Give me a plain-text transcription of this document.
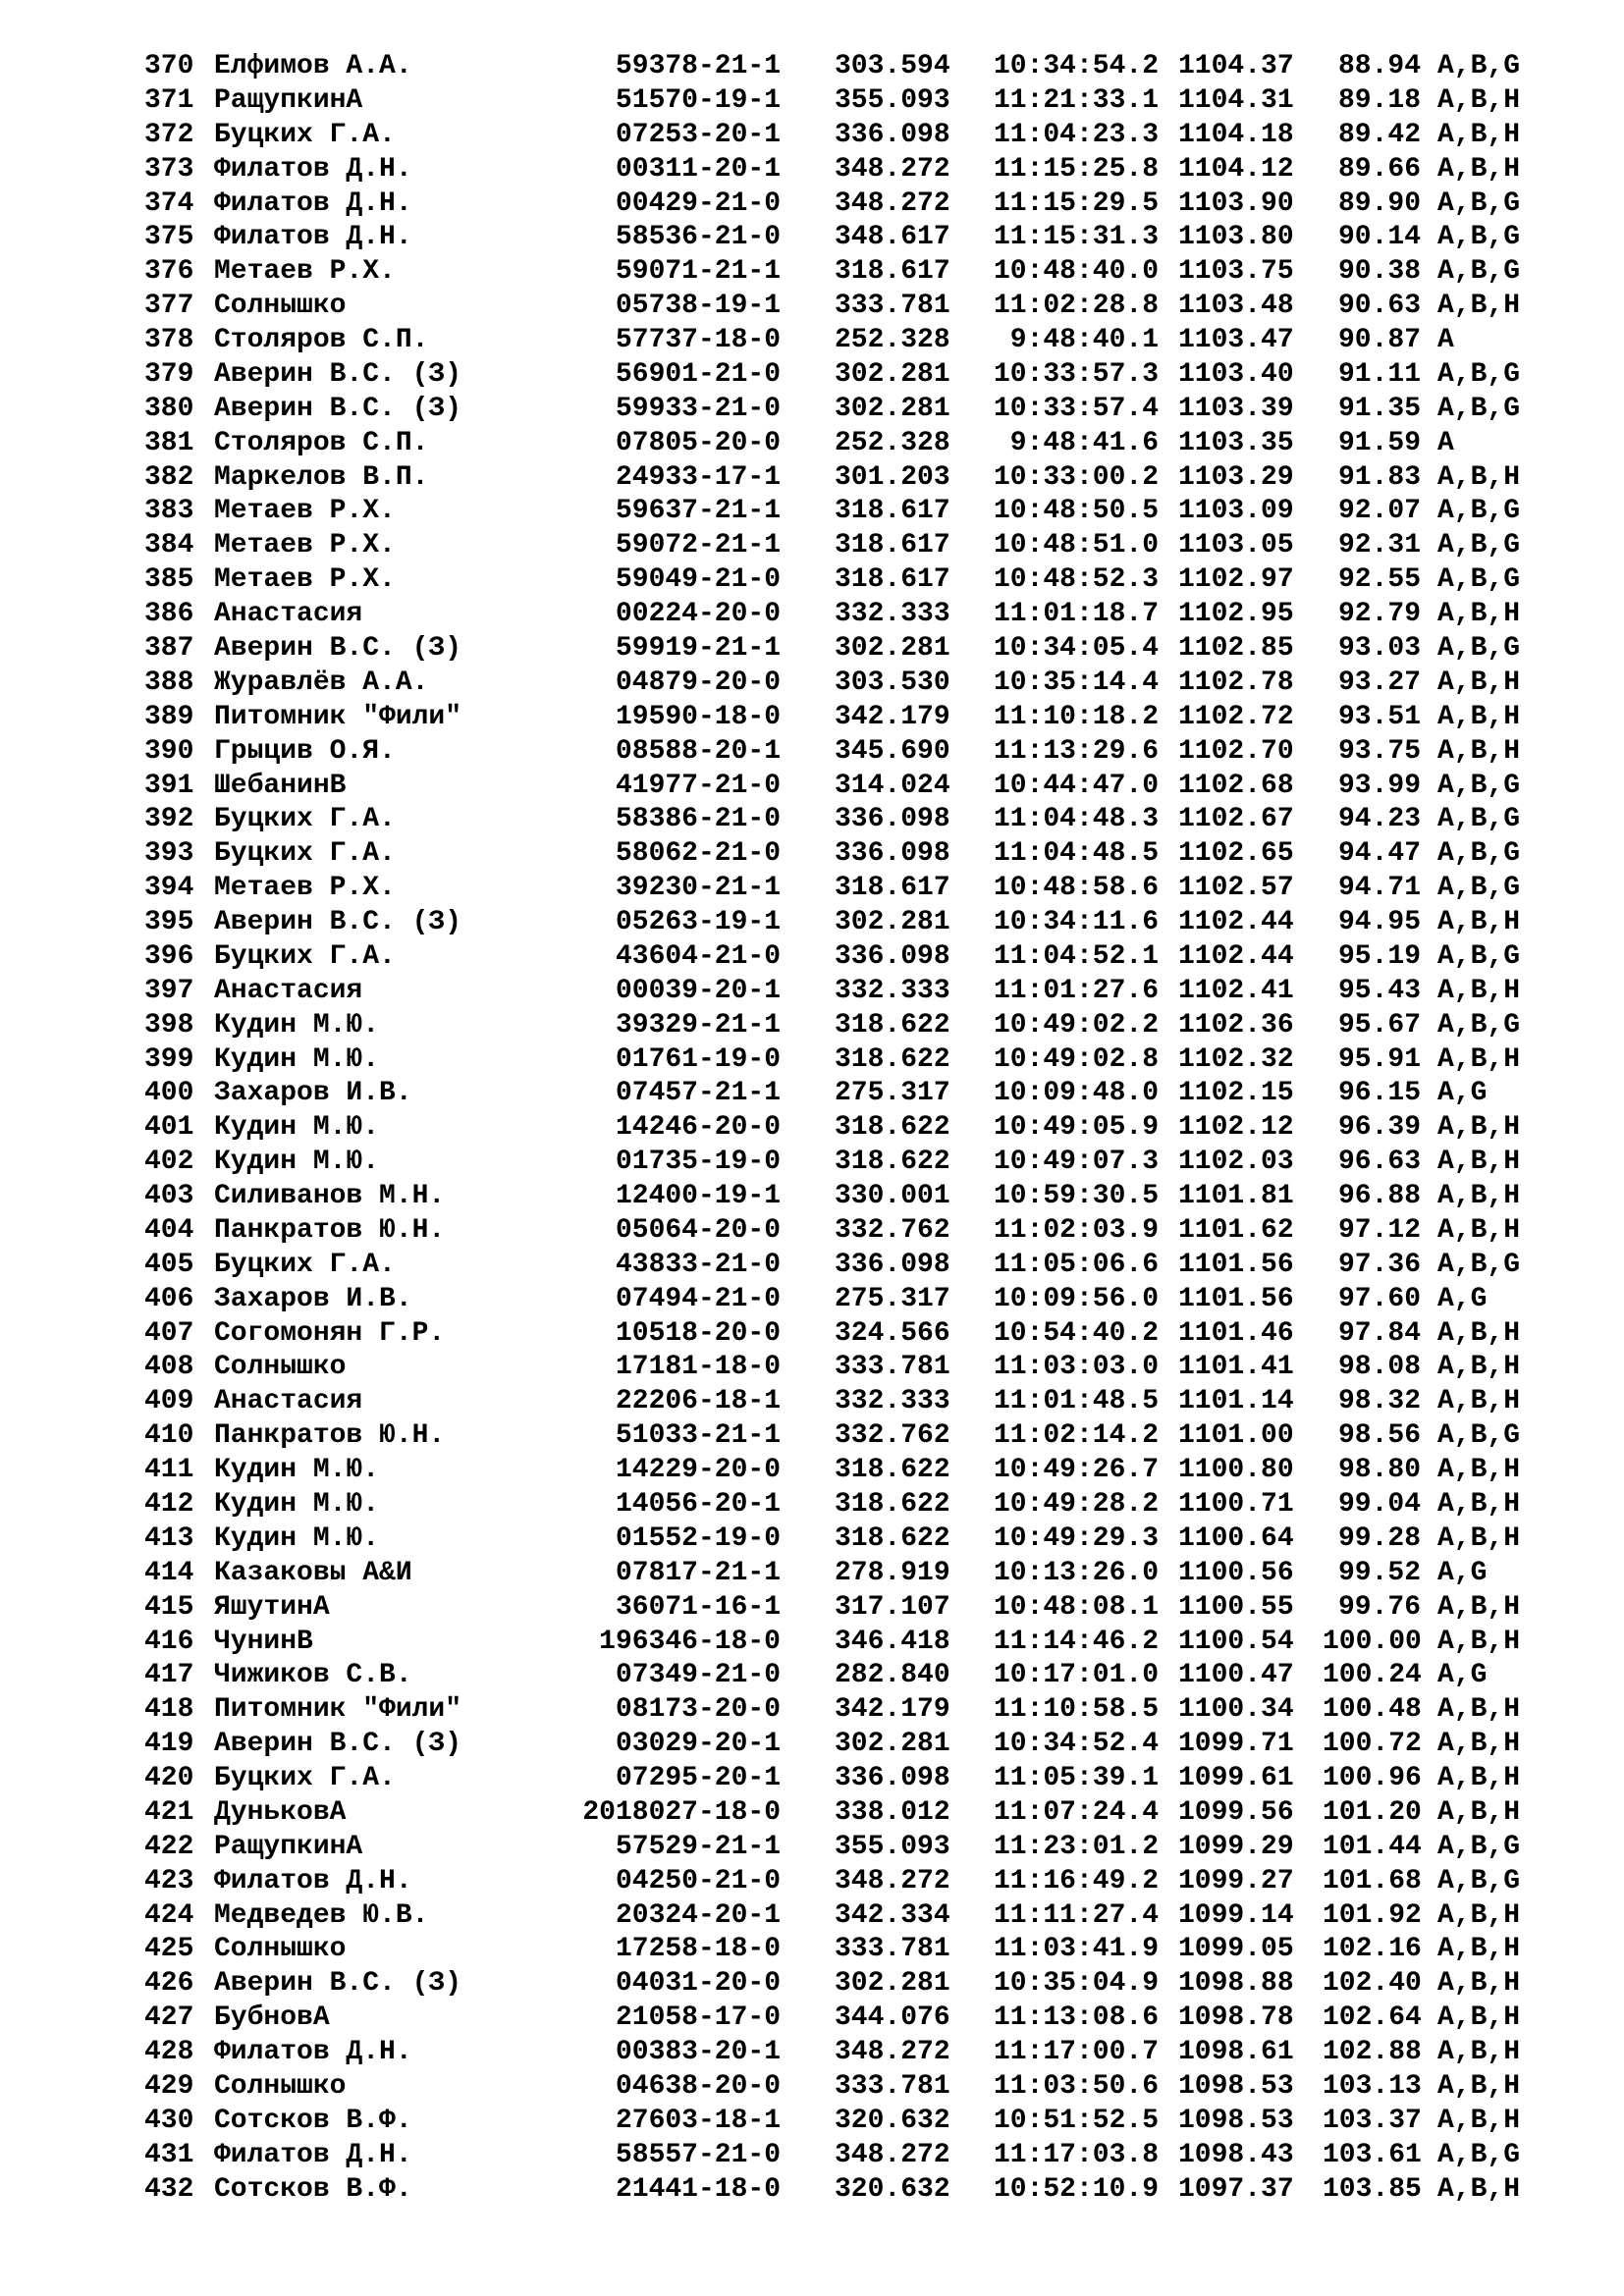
370 Елфимов А.А.	59378-21-1 303.594	10:34:54.2 1104.37	88.94 A,B,G
371 РащупкинА	51570-19-1 355.093	11:21:33.1 1104.31	89.18 A,B,H
372 Буцких Г.А.	07253-20-1 336.098	11:04:23.3 1104.18	89.42 A,B,H
373 Филатов Д.Н.	00311-20-1 348.272	11:15:25.8 1104.12	89.66 A,B,H
374 Филатов Д.Н.	00429-21-0 348.272	11:15:29.5 1103.90	89.90 A,B,G
375 Филатов Д.Н.	58536-21-0 348.617	11:15:31.3 1103.80	90.14 A,B,G
376 Метаев Р.Х.	59071-21-1 318.617	10:48:40.0 1103.75	90.38 A,B,G
377 Солнышко	05738-19-1 333.781	11:02:28.8 1103.48	90.63 A,B,H
378 Столяров С.П.	57737-18-0 252.328	9:48:40.1 1103.47	90.87 A
379 Аверин В.С. (З)	56901-21-0 302.281	10:33:57.3 1103.40	91.11 A,B,G
380 Аверин В.С. (З)	59933-21-0 302.281	10:33:57.4 1103.39	91.35 A,B,G
381 Столяров С.П.	07805-20-0 252.328	9:48:41.6 1103.35	91.59 A
382 Маркелов В.П.	24933-17-1 301.203	10:33:00.2 1103.29	91.83 A,B,H
383 Метаев Р.Х.	59637-21-1 318.617	10:48:50.5 1103.09	92.07 A,B,G
384 Метаев Р.Х.	59072-21-1 318.617	10:48:51.0 1103.05	92.31 A,B,G
385 Метаев Р.Х.	59049-21-0 318.617	10:48:52.3 1102.97	92.55 A,B,G
386 Анастасия	00224-20-0 332.333	11:01:18.7 1102.95	92.79 A,B,H
387 Аверин В.С. (З)	59919-21-1 302.281	10:34:05.4 1102.85	93.03 A,B,G
388 Журавлёв А.А.	04879-20-0 303.530	10:35:14.4 1102.78	93.27 A,B,H
389 Питомник "Фили"	19590-18-0 342.179	11:10:18.2 1102.72	93.51 A,B,H
390 Грыцив О.Я.	08588-20-1 345.690	11:13:29.6 1102.70	93.75 A,B,H
391 ШебанинВ	41977-21-0 314.024	10:44:47.0 1102.68	93.99 A,B,G
392 Буцких Г.А.	58386-21-0 336.098	11:04:48.3 1102.67	94.23 A,B,G
393 Буцких Г.А.	58062-21-0 336.098	11:04:48.5 1102.65	94.47 A,B,G
394 Метаев Р.Х.	39230-21-1 318.617	10:48:58.6 1102.57	94.71 A,B,G
395 Аверин В.С. (З)	05263-19-1 302.281	10:34:11.6 1102.44	94.95 A,B,H
396 Буцких Г.А.	43604-21-0 336.098	11:04:52.1 1102.44	95.19 A,B,G
397 Анастасия	00039-20-1 332.333	11:01:27.6 1102.41	95.43 A,B,H
398 Кудин М.Ю.	39329-21-1 318.622	10:49:02.2 1102.36	95.67 A,B,G
399 Кудин М.Ю.	01761-19-0 318.622	10:49:02.8 1102.32	95.91 A,B,H
400 Захаров И.В.	07457-21-1 275.317	10:09:48.0 1102.15	96.15 A,G
401 Кудин М.Ю.	14246-20-0 318.622	10:49:05.9 1102.12	96.39 A,B,H
402 Кудин М.Ю.	01735-19-0 318.622	10:49:07.3 1102.03	96.63 A,B,H
403 Силиванов М.Н.	12400-19-1 330.001	10:59:30.5 1101.81	96.88 A,B,H
404 Панкратов Ю.Н.	05064-20-0 332.762	11:02:03.9 1101.62	97.12 A,B,H
405 Буцких Г.А.	43833-21-0 336.098	11:05:06.6 1101.56	97.36 A,B,G
406 Захаров И.В.	07494-21-0 275.317	10:09:56.0 1101.56	97.60 A,G
407 Согомонян Г.Р.	10518-20-0 324.566	10:54:40.2 1101.46	97.84 A,B,H
408 Солнышко	17181-18-0 333.781	11:03:03.0 1101.41	98.08 A,B,H
409 Анастасия	22206-18-1 332.333	11:01:48.5 1101.14	98.32 A,B,H
410 Панкратов Ю.Н.	51033-21-1 332.762	11:02:14.2 1101.00	98.56 A,B,G
411 Кудин М.Ю.	14229-20-0 318.622	10:49:26.7 1100.80	98.80 A,B,H
412 Кудин М.Ю.	14056-20-1 318.622	10:49:28.2 1100.71	99.04 A,B,H
413 Кудин М.Ю.	01552-19-0 318.622	10:49:29.3 1100.64	99.28 A,B,H
414 Казаковы А&И	07817-21-1 278.919	10:13:26.0 1100.56	99.52 A,G
415 ЯшутинА	36071-16-1 317.107	10:48:08.1 1100.55	99.76 A,B,H
416 ЧунинВ	196346-18-0 346.418	11:14:46.2 1100.54 100.00 A,B,H
417 Чижиков С.В.	07349-21-0 282.840	10:17:01.0 1100.47 100.24 A,G
418 Питомник "Фили"	08173-20-0 342.179	11:10:58.5 1100.34 100.48 A,B,H
419 Аверин В.С. (З)	03029-20-1 302.281	10:34:52.4 1099.71 100.72 A,B,H
420 Буцких Г.А.	07295-20-1 336.098	11:05:39.1 1099.61 100.96 A,B,H
421 ДуньковА	2018027-18-0 338.012	11:07:24.4 1099.56 101.20 A,B,H
422 РащупкинА	57529-21-1 355.093	11:23:01.2 1099.29 101.44 A,B,G
423 Филатов Д.Н.	04250-21-0 348.272	11:16:49.2 1099.27 101.68 A,B,G
424 Медведев Ю.В.	20324-20-1 342.334	11:11:27.4 1099.14 101.92 A,B,H
425 Солнышко	17258-18-0 333.781	11:03:41.9 1099.05 102.16 A,B,H
426 Аверин В.С. (З)	04031-20-0 302.281	10:35:04.9 1098.88 102.40 A,B,H
427 БубновА	21058-17-0 344.076	11:13:08.6 1098.78 102.64 A,B,H
428 Филатов Д.Н.	00383-20-1 348.272	11:17:00.7 1098.61 102.88 A,B,H
429 Солнышко	04638-20-0 333.781	11:03:50.6 1098.53 103.13 A,B,H
430 Сотсков В.Ф.	27603-18-1 320.632	10:51:52.5 1098.53 103.37 A,B,H
431 Филатов Д.Н.	58557-21-0 348.272	11:17:03.8 1098.43 103.61 A,B,G
432 Сотсков В.Ф.	21441-18-0 320.632	10:52:10.9 1097.37 103.85 A,B,H
